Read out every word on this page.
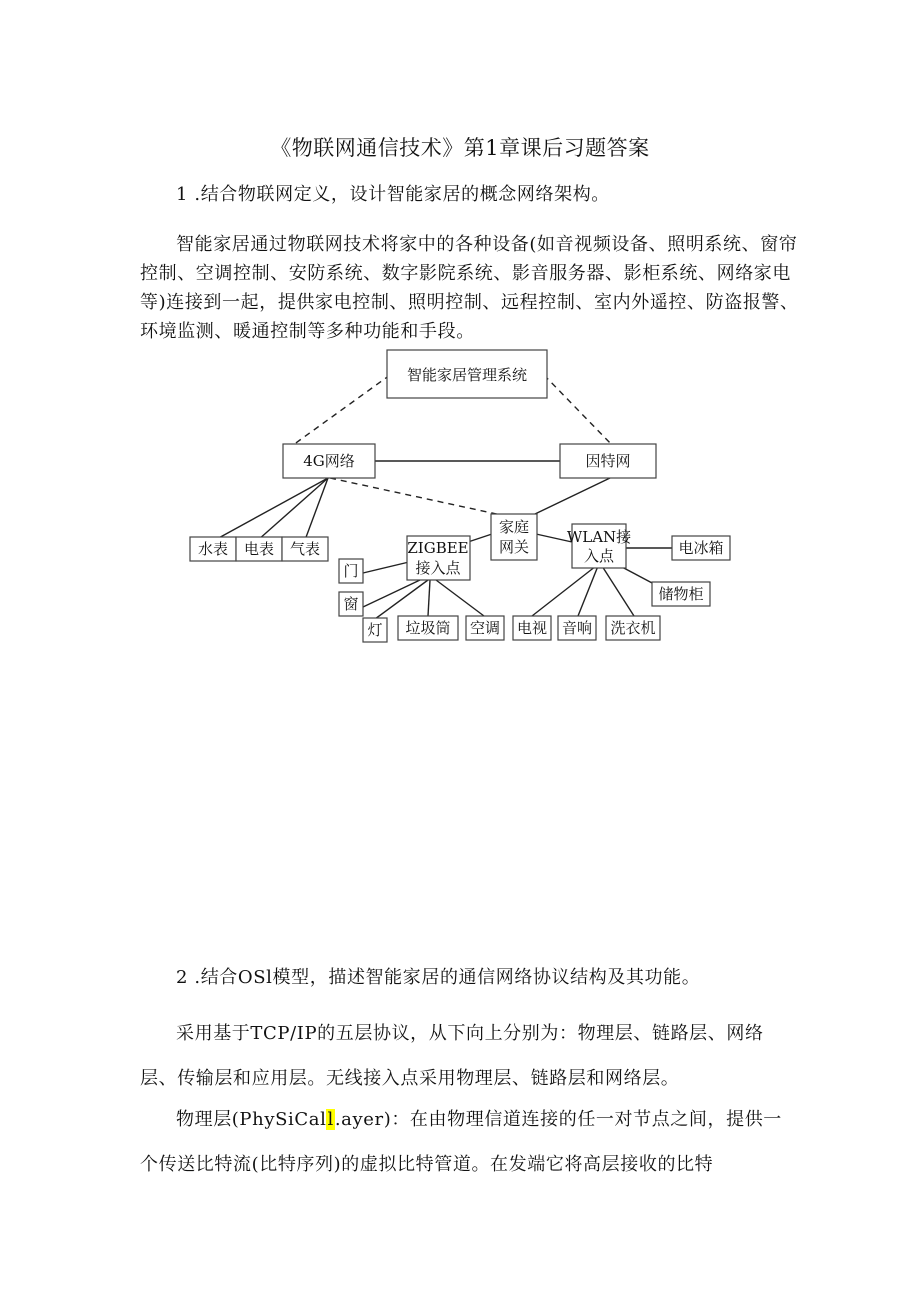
《物联网通信技术》第1章课后习题答案
1 .结合物联网定义，设计智能家居的概念网络架构。
智能家居通过物联网技术将家中的各种设备(如音视频设备、照明系统、窗帘控制、空调控制、安防系统、数字影院系统、影音服务器、影柜系统、网络家电等)连接到一起，提供家电控制、照明控制、远程控制、室内外遥控、防盗报警、环境监测、暖通控制等多种功能和手段。
智能家居管理系统
4G网络	因特网
家庭
网关
ZIGBEE
接入点
WLAN接
入点
水表 电表 气表
门
窗
灯 垃圾筒 空调 电视 音响 洗衣机
电冰箱
储物柜
2 .结合OSl模型，描述智能家居的通信网络协议结构及其功能。
采用基于TCP/IP的五层协议，从下向上分别为：物理层、链路层、网络层、传输层和应用层。无线接入点采用物理层、链路层和网络层。
物理层(PhySiCall.ayer)：在由物理信道连接的任一对节点之间，提供一个传送比特流(比特序列)的虚拟比特管道。在发端它将高层接收的比特
